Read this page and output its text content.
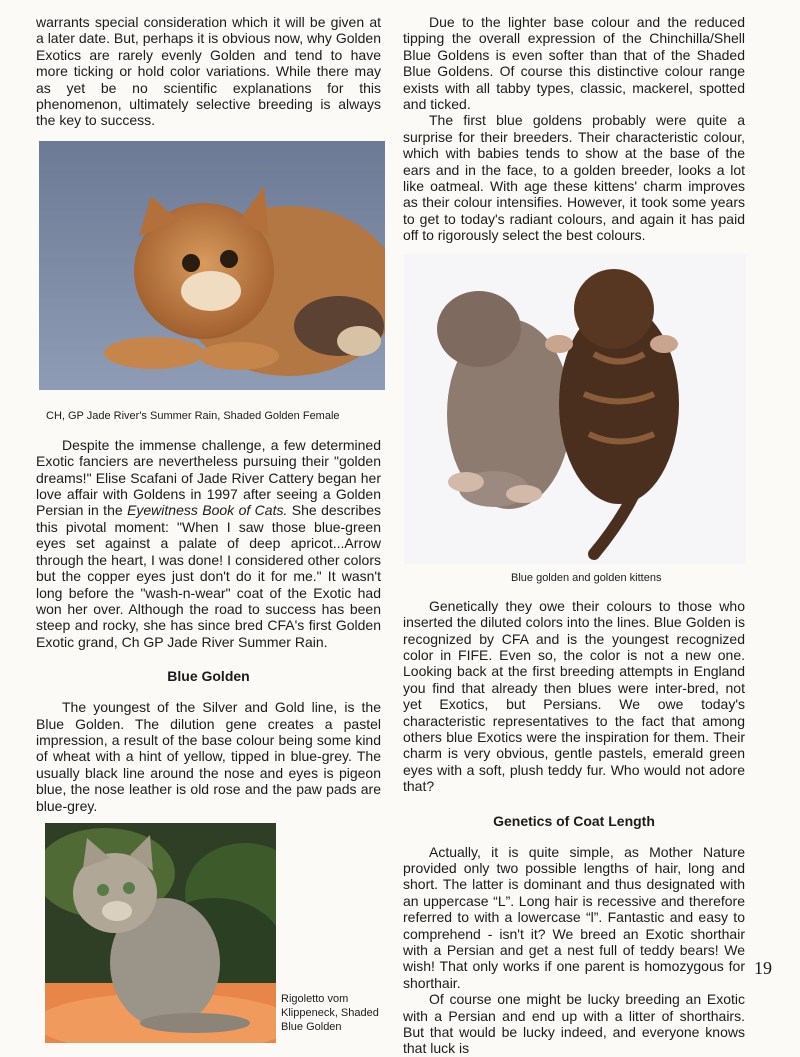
warrants special consideration which it will be given at a later date. But, perhaps it is obvious now, why Golden Exotics are rarely evenly Golden and tend to have more ticking or hold color variations. While there may as yet be no scientific explanations for this phenomenon, ultimately selective breeding is always the key to success.

CH, GP Jade River's Summer Rain, Shaded Golden Female

Despite the immense challenge, a few determined Exotic fanciers are nevertheless pursuing their "golden dreams!" Elise Scafani of Jade River Cattery began her love affair with Goldens in 1997 after seeing a Golden Persian in the Eyewitness Book of Cats. She describes this pivotal moment: "When I saw those blue-green eyes set against a palate of deep apricot...Arrow through the heart, I was done! I considered other colors but the copper eyes just don't do it for me." It wasn't long before the "wash-n-wear" coat of the Exotic had won her over. Although the road to success has been steep and rocky, she has since bred CFA's first Golden Exotic grand, Ch GP Jade River Summer Rain.

Blue Golden

The youngest of the Silver and Gold line, is the Blue Golden. The dilution gene creates a pastel impression, a result of the base colour being some kind of wheat with a hint of yellow, tipped in blue-grey. The usually black line around the nose and eyes is pigeon blue, the nose leather is old rose and the paw pads are blue-grey.

Rigoletto vom Klippeneck, Shaded Blue Golden

Due to the lighter base colour and the reduced tipping the overall expression of the Chinchilla/Shell Blue Goldens is even softer than that of the Shaded Blue Goldens. Of course this distinctive colour range exists with all tabby types, classic, mackerel, spotted and ticked.

The first blue goldens probably were quite a surprise for their breeders. Their characteristic colour, which with babies tends to show at the base of the ears and in the face, to a golden breeder, looks a lot like oatmeal. With age these kittens' charm improves as their colour intensifies. However, it took some years to get to today's radiant colours, and again it has paid off to rigorously select the best colours.

Blue golden and golden kittens

Genetically they owe their colours to those who inserted the diluted colors into the lines. Blue Golden is recognized by CFA and is the youngest recognized color in FIFE. Even so, the color is not a new one. Looking back at the first breeding attempts in England you find that already then blues were inter-bred, not yet Exotics, but Persians. We owe today's characteristic representatives to the fact that among others blue Exotics were the inspiration for them. Their charm is very obvious, gentle pastels, emerald green eyes with a soft, plush teddy fur. Who would not adore that?

Genetics of Coat Length

Actually, it is quite simple, as Mother Nature provided only two possible lengths of hair, long and short. The latter is dominant and thus designated with an uppercase “L”. Long hair is recessive and therefore referred to with a lowercase “l”. Fantastic and easy to comprehend - isn't it? We breed an Exotic shorthair with a Persian and get a nest full of teddy bears! We wish! That only works if one parent is homozygous for shorthair.

Of course one might be lucky breeding an Exotic with a Persian and end up with a litter of shorthairs. But that would be lucky indeed, and everyone knows that luck is

19
